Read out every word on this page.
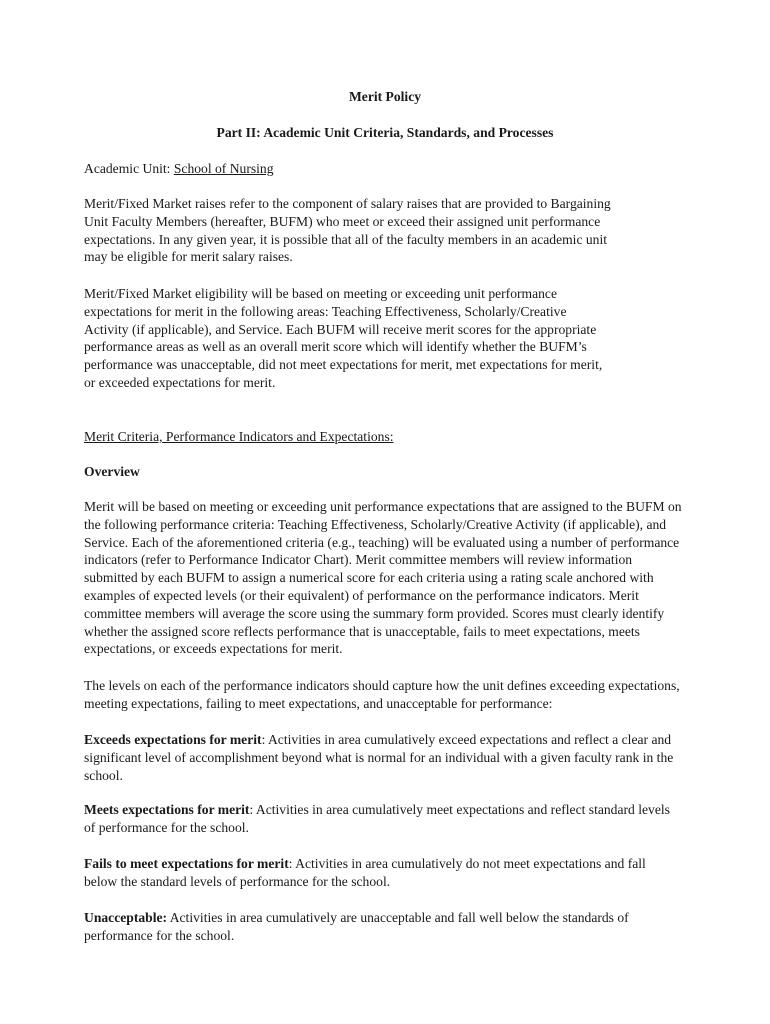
Merit Policy

Part II: Academic Unit Criteria, Standards, and Processes

Academic Unit: School of Nursing

Merit/Fixed Market raises refer to the component of salary raises that are provided to Bargaining
Unit Faculty Members (hereafter, BUFM) who meet or exceed their assigned unit performance
expectations. In any given year, it is possible that all of the faculty members in an academic unit
may be eligible for merit salary raises.

Merit/Fixed Market eligibility will be based on meeting or exceeding unit performance
expectations for merit in the following areas: Teaching Effectiveness, Scholarly/Creative
Activity (if applicable), and Service. Each BUFM will receive merit scores for the appropriate
performance areas as well as an overall merit score which will identify whether the BUFM’s
performance was unacceptable, did not meet expectations for merit, met expectations for merit,
or exceeded expectations for merit.

Merit Criteria, Performance Indicators and Expectations:

Overview

Merit will be based on meeting or exceeding unit performance expectations that are assigned to the BUFM on
the following performance criteria: Teaching Effectiveness, Scholarly/Creative Activity (if applicable), and
Service. Each of the aforementioned criteria (e.g., teaching) will be evaluated using a number of performance
indicators (refer to Performance Indicator Chart). Merit committee members will review information
submitted by each BUFM to assign a numerical score for each criteria using a rating scale anchored with
examples of expected levels (or their equivalent) of performance on the performance indicators. Merit
committee members will average the score using the summary form provided. Scores must clearly identify
whether the assigned score reflects performance that is unacceptable, fails to meet expectations, meets
expectations, or exceeds expectations for merit.

The levels on each of the performance indicators should capture how the unit defines exceeding expectations,
meeting expectations, failing to meet expectations, and unacceptable for performance:

Exceeds expectations for merit: Activities in area cumulatively exceed expectations and reflect a clear and
significant level of accomplishment beyond what is normal for an individual with a given faculty rank in the
school.

Meets expectations for merit: Activities in area cumulatively meet expectations and reflect standard levels
of performance for the school.

Fails to meet expectations for merit: Activities in area cumulatively do not meet expectations and fall
below the standard levels of performance for the school.

Unacceptable: Activities in area cumulatively are unacceptable and fall well below the standards of
performance for the school.
